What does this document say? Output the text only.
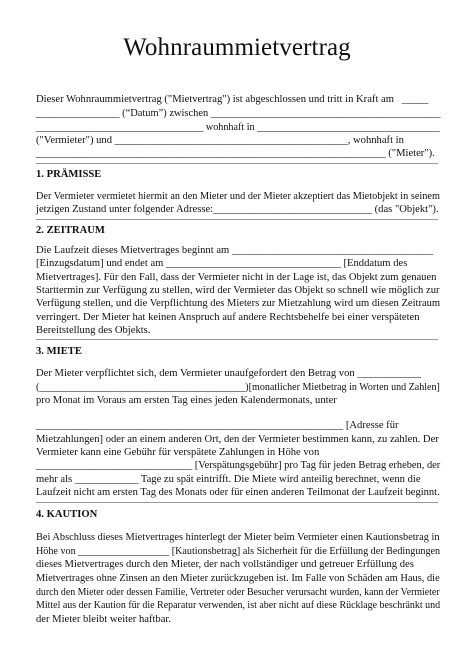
Wohnraummietvertrag
Dieser Wohnraummietvertrag ("Mietvertrag") ist abgeschlossen und tritt in Kraft am   _____
________________ (“Datum”) zwischen ____________________________________________
_________________________________ wohnhaft in ____________________________________
("Vermieter") und ____________________________________________, wohnhaft in
__________________________________________________________________ ("Mieter").
1. PRÄMISSE
Der Vermieter vermietet hiermit an den Mieter und der Mieter akzeptiert das Mietobjekt in seinem
jetzigen Zustand unter folgender Adresse:______________________________ (das "Objekt").
2. ZEITRAUM
Die Laufzeit dieses Mietvertrages beginnt am ______________________________________
[Einzugsdatum] und endet am _________________________________ [Enddatum des
Mietvertrages]. Für den Fall, dass der Vermieter nicht in der Lage ist, das Objekt zum genauen
Starttermin zur Verfügung zu stellen, wird der Vermieter das Objekt so schnell wie möglich zur
Verfügung stellen, und die Verpflichtung des Mieters zur Mietzahlung wird um diesen Zeitraum
verringert. Der Mieter hat keinen Anspruch auf andere Rechtsbehelfe bei einer verspäteten
Bereitstellung des Objekts.
3. MIETE
Der Mieter verpflichtet sich, dem Vermieter unaufgefordert den Betrag von ____________
(_________________________________________)[monatlicher Mietbetrag in Worten und Zahlen]
pro Monat im Voraus am ersten Tag eines jeden Kalendermonats, unter
__________________________________________________________ [Adresse für
Mietzahlungen] oder an einem anderen Ort, den der Vermieter bestimmen kann, zu zahlen. Der
Vermieter kann eine Gebühr für verspätete Zahlungen in Höhe von
______________________________ [Verspätungsgebühr] pro Tag für jeden Betrag erheben, der
mehr als ____________ Tage zu spät eintrifft. Die Miete wird anteilig berechnet, wenn die
Laufzeit nicht am ersten Tag des Monats oder für einen anderen Teilmonat der Laufzeit beginnt.
4. KAUTION
Bei Abschluss dieses Mietvertrages hinterlegt der Mieter beim Vermieter einen Kautionsbetrag in
Höhe von __________________ [Kautionsbetrag] als Sicherheit für die Erfüllung der Bedingungen
dieses Mietvertrages durch den Mieter, der nach vollständiger und getreuer Erfüllung des
Mietvertrages ohne Zinsen an den Mieter zurückzugeben ist. Im Falle von Schäden am Haus, die
durch den Mieter oder dessen Familie, Vertreter oder Besucher verursacht wurden, kann der Vermieter
Mittel aus der Kaution für die Reparatur verwenden, ist aber nicht auf diese Rücklage beschränkt und
der Mieter bleibt weiter haftbar.
